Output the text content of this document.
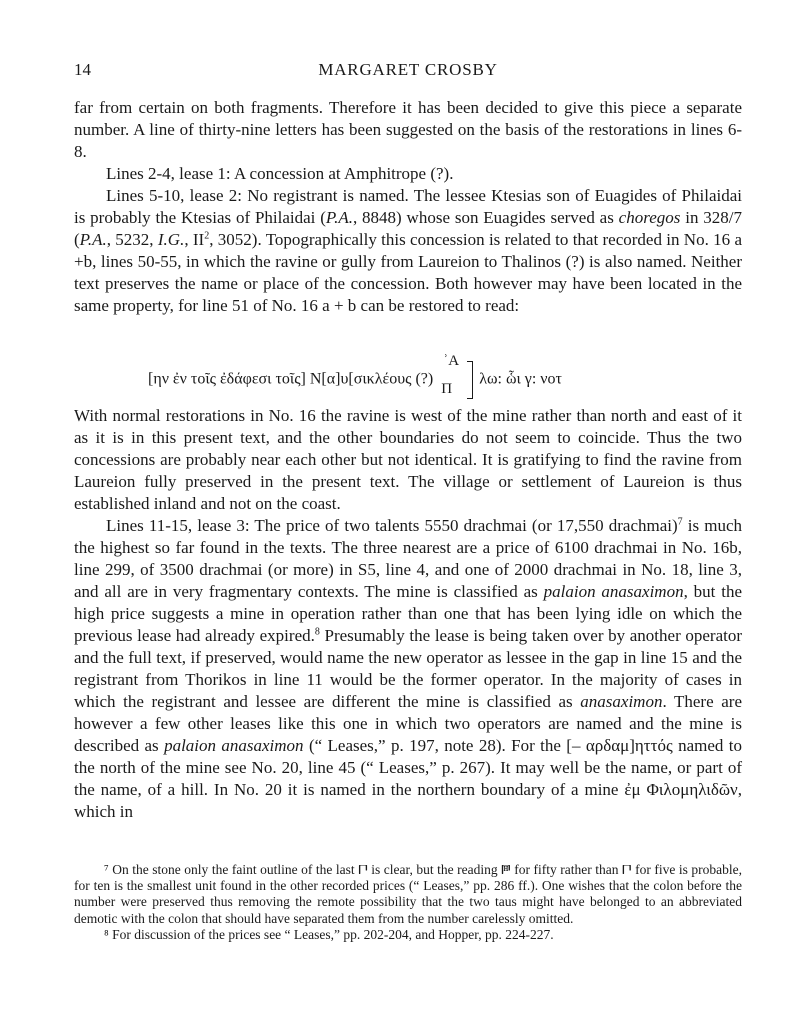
14	MARGARET CROSBY

far from certain on both fragments. Therefore it has been decided to give this piece a separate number. A line of thirty-nine letters has been suggested on the basis of the restorations in lines 6-8.

Lines 2-4, lease 1: A concession at Amphitrope (?).

Lines 5-10, lease 2: No registrant is named. The lessee Ktesias son of Euagides of Philaidai is probably the Ktesias of Philaidai (P.A., 8848) whose son Euagides served as choregos in 328/7 (P.A., 5232, I.G., $II^2$, 3052). Topographically this concession is related to that recorded in No. 16 a +b, lines 50-55, in which the ravine or gully from Laureion to Thalinos (?) is also named. Neither text preserves the name or place of the concession. Both however may have been located in the same property, for line 51 of No. 16 a + b can be restored to read:

[ην ἐν τοῖς ἐδάφεσι τοῖς] Ν[α]υ[σικλέους (?)
ʾΑ
Π
λω: ὧι γ: νοτ

With normal restorations in No. 16 the ravine is west of the mine rather than north and east of it as it is in this present text, and the other boundaries do not seem to coincide. Thus the two concessions are probably near each other but not identical. It is gratifying to find the ravine from Laureion fully preserved in the present text. The village or settlement of Laureion is thus established inland and not on the coast.

Lines 11-15, lease 3: The price of two talents 5550 drachmai (or 17,550 drachmai)$^7$ is much the highest so far found in the texts. The three nearest are a price of 6100 drachmai in No. 16b, line 299, of 3500 drachmai (or more) in S5, line 4, and one of 2000 drachmai in No. 18, line 3, and all are in very fragmentary contexts. The mine is classified as palaion anasaximon, but the high price suggests a mine in operation rather than one that has been lying idle on which the previous lease had already expired.$^8$ Presumably the lease is being taken over by another operator and the full text, if preserved, would name the new operator as lessee in the gap in line 15 and the registrant from Thorikos in line 11 would be the former operator. In the majority of cases in which the registrant and lessee are different the mine is classified as anasaximon. There are however a few other leases like this one in which two operators are named and the mine is described as palaion anasaximon (“ Leases,” p. 197, note 28). For the [– αρδαμ]ηττός named to the north of the mine see No. 20, line 45 (“ Leases,” p. 267). It may well be the name, or part of the name, of a hill. In No. 20 it is named in the northern boundary of a mine ἐμ Φιλομηλιδῶν, which in

⁷ On the stone only the faint outline of the last 𐅃 is clear, but the reading 𐅅 for fifty rather than 𐅃 for five is probable, for ten is the smallest unit found in the other recorded prices (“ Leases,” pp. 286 ff.). One wishes that the colon before the number were preserved thus removing the remote possibility that the two taus might have belonged to an abbreviated demotic with the colon that should have separated them from the number carelessly omitted.

⁸ For discussion of the prices see “ Leases,” pp. 202-204, and Hopper, pp. 224-227.
